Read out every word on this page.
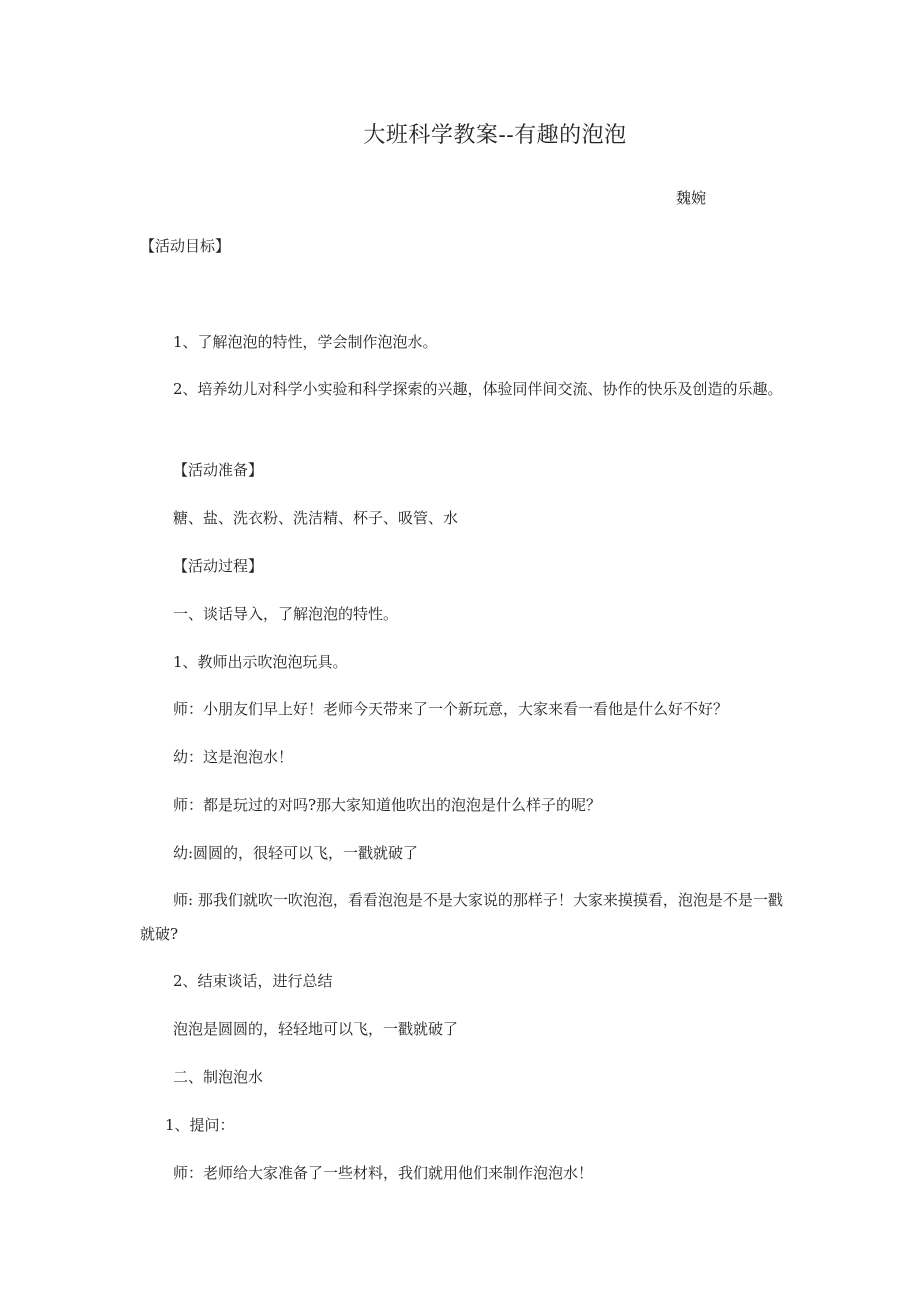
大班科学教案--有趣的泡泡
魏婉
【活动目标】
1、了解泡泡的特性，学会制作泡泡水。
2、培养幼儿对科学小实验和科学探索的兴趣，体验同伴间交流、协作的快乐及创造的乐趣。
【活动准备】
糖、盐、洗衣粉、洗洁精、杯子、吸管、水
【活动过程】
一、谈话导入，了解泡泡的特性。
1、教师出示吹泡泡玩具。
师：小朋友们早上好！老师今天带来了一个新玩意，大家来看一看他是什么好不好？
幼：这是泡泡水！
师：都是玩过的对吗?那大家知道他吹出的泡泡是什么样子的呢？
幼:圆圆的，很轻可以飞，一戳就破了
师: 那我们就吹一吹泡泡，看看泡泡是不是大家说的那样子！大家来摸摸看，泡泡是不是一戳就破?
2、结束谈话，进行总结
泡泡是圆圆的，轻轻地可以飞，一戳就破了
二、制泡泡水
1、提问：
师：老师给大家准备了一些材料，我们就用他们来制作泡泡水！
